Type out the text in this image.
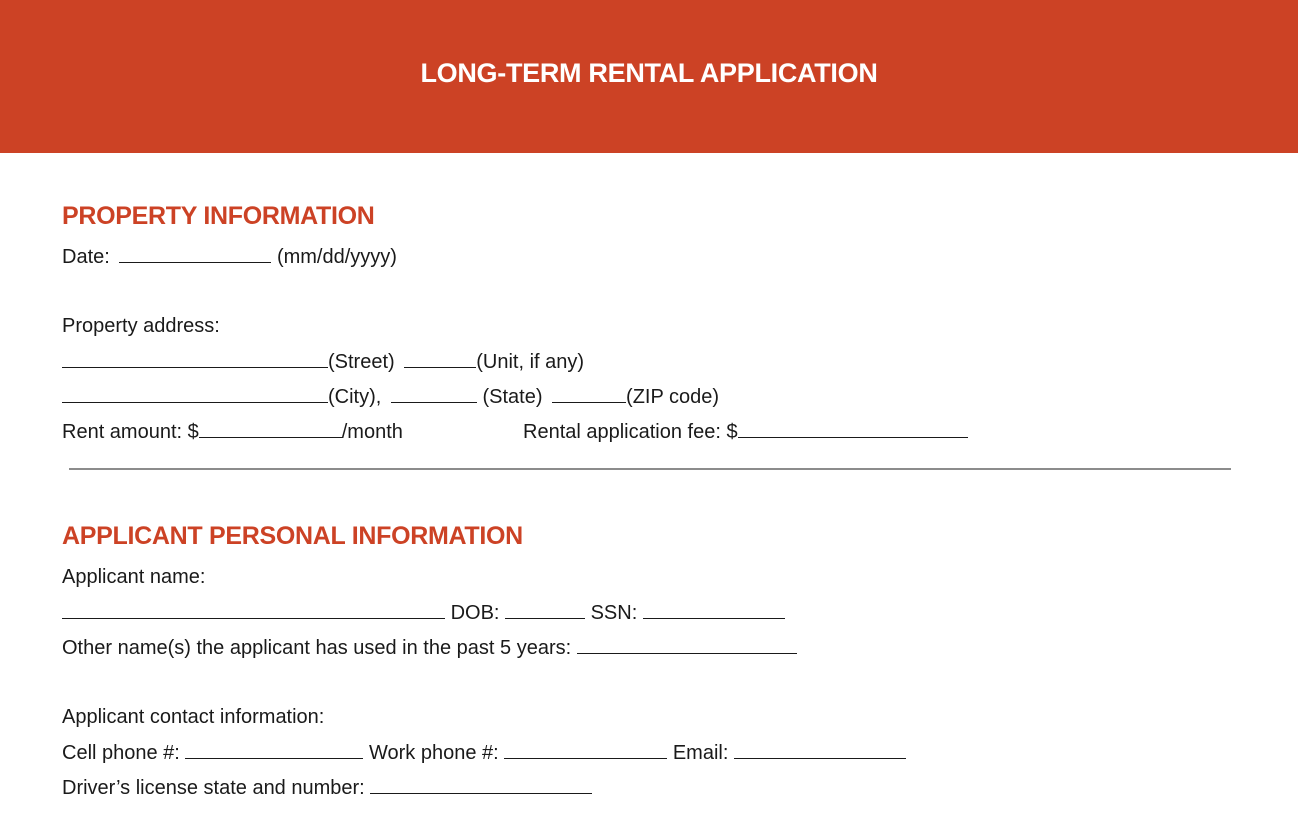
LONG-TERM RENTAL APPLICATION
PROPERTY INFORMATION
Date:	(mm/dd/yyyy)
Property address:
(Street)	(Unit, if any)
(City),	(State)	(ZIP code)
Rent amount: $	/month	Rental application fee: $
APPLICANT PERSONAL INFORMATION
Applicant name:
DOB:	SSN:
Other name(s) the applicant has used in the past 5 years:
Applicant contact information:
Cell phone #:	Work phone #:	Email:
Driver’s license state and number:
